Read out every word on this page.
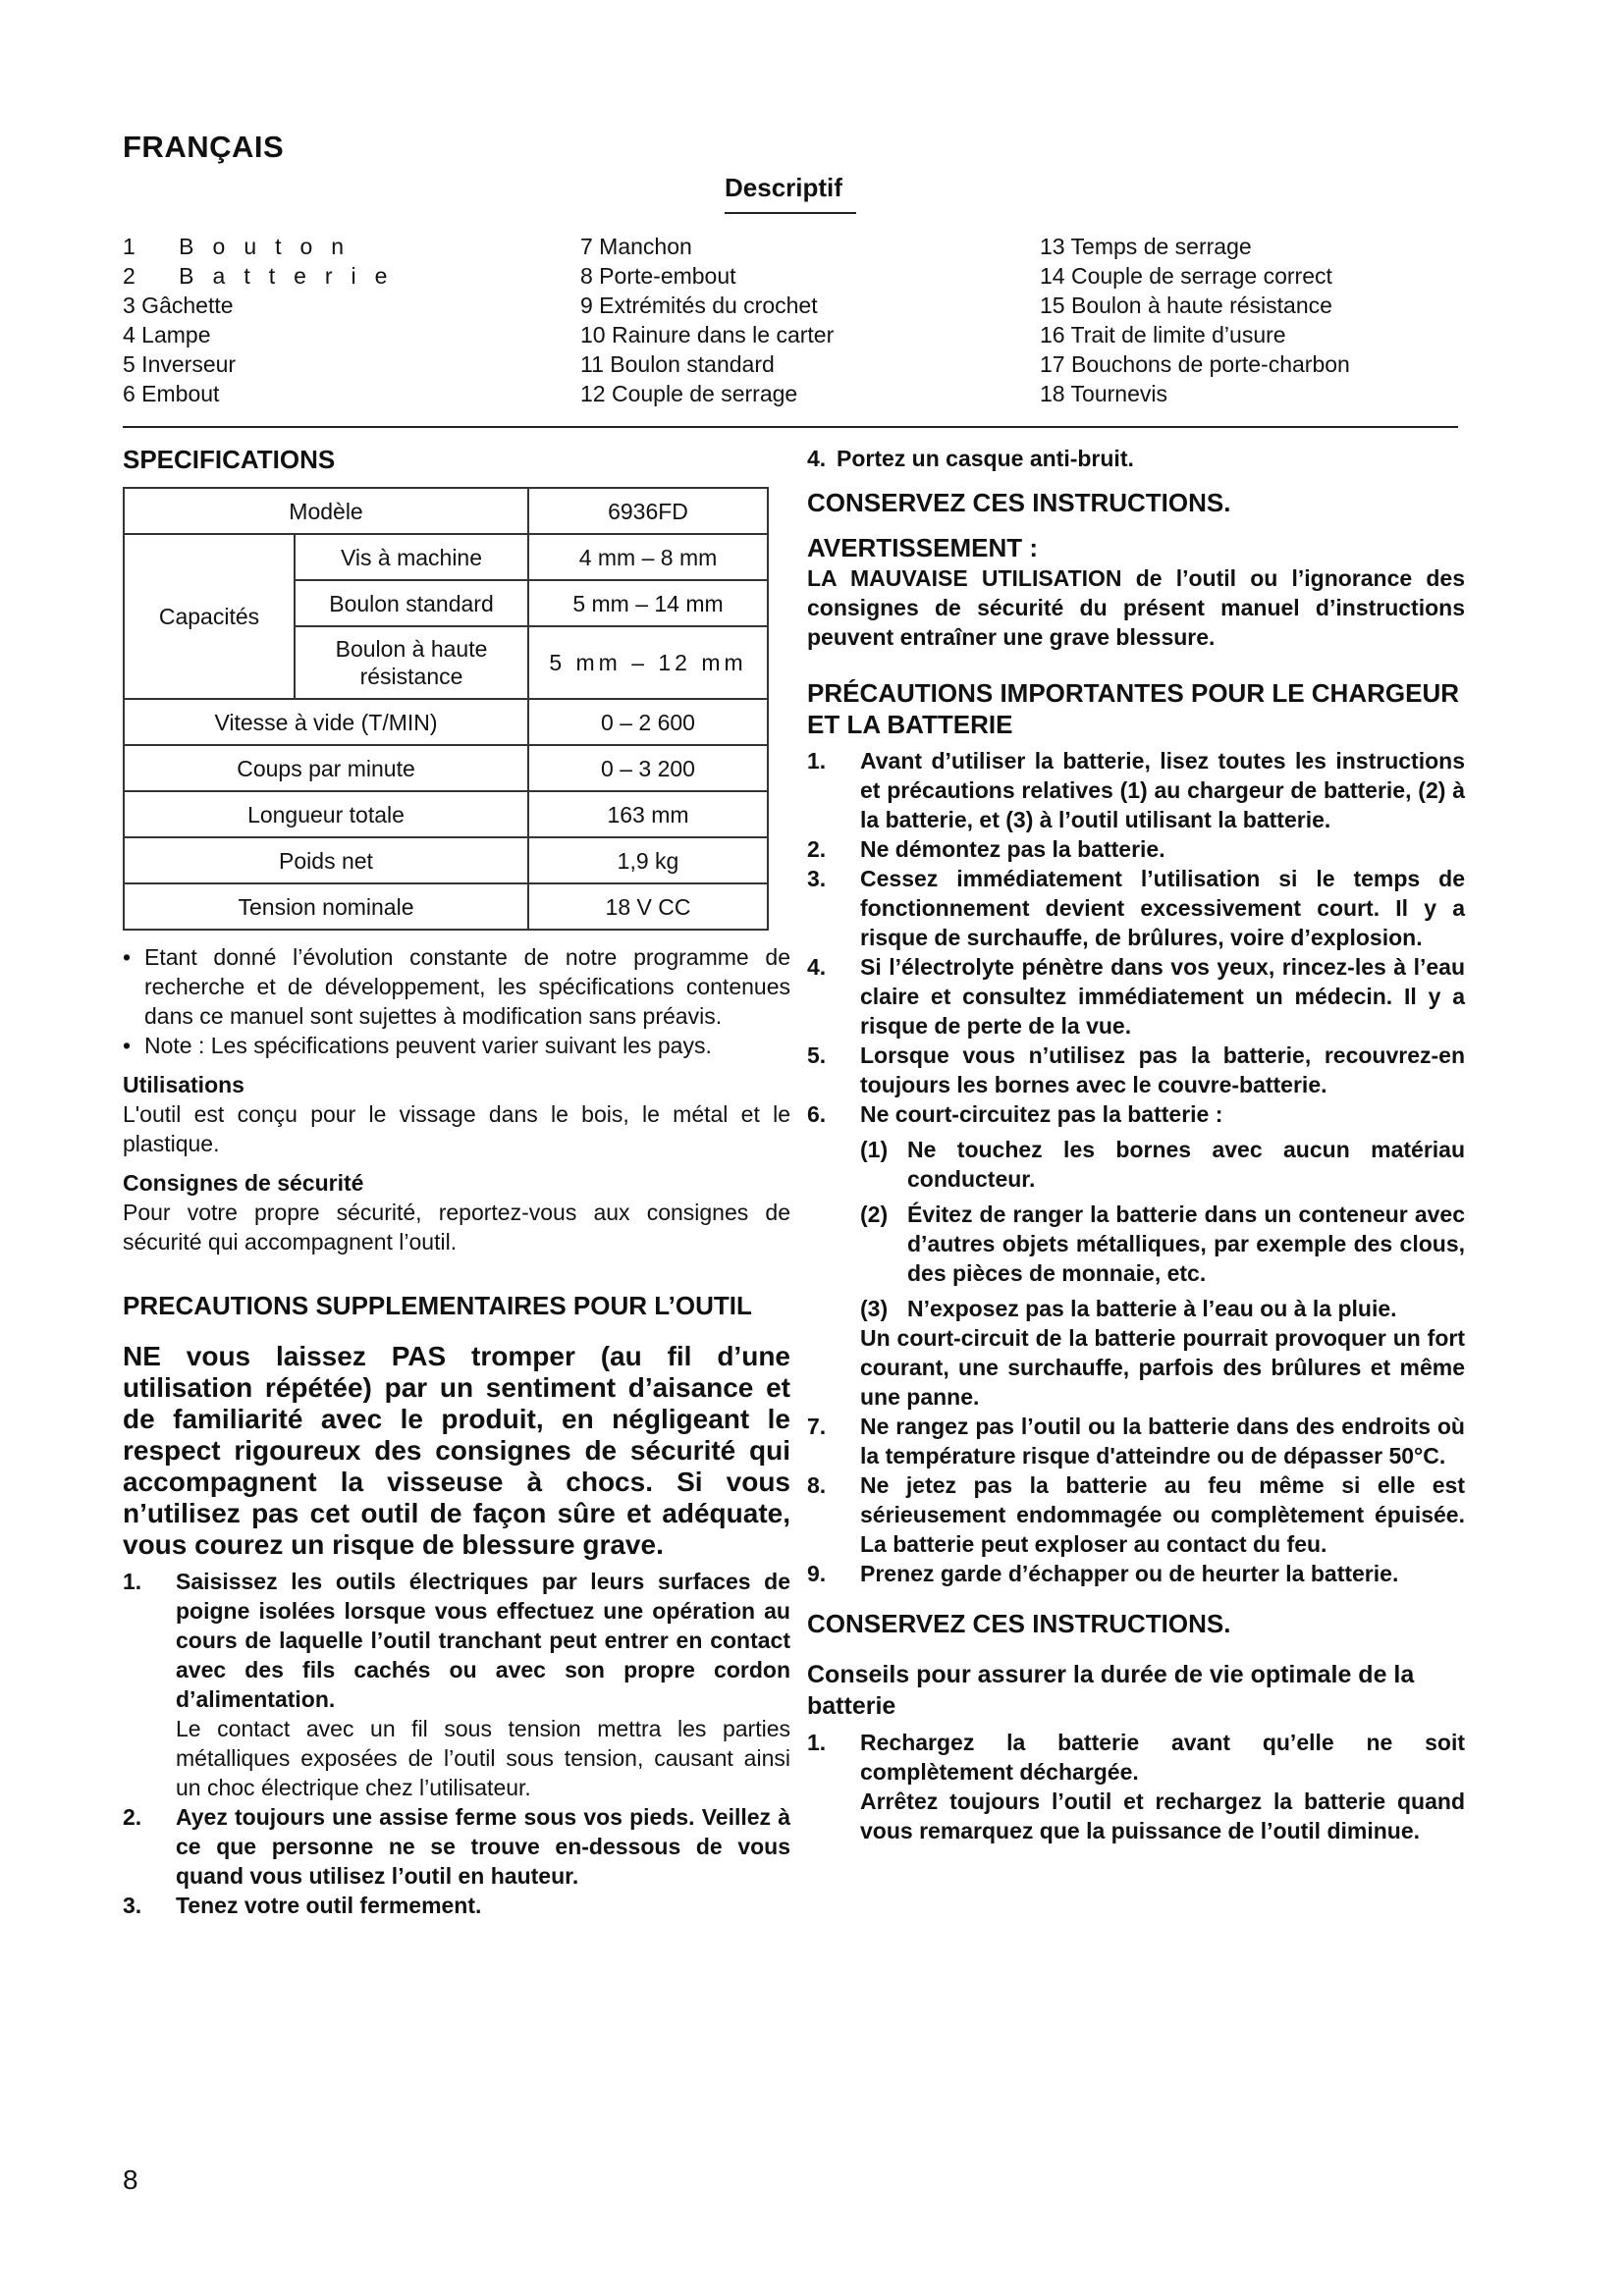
FRANÇAIS
Descriptif
1 Bouton
2 Batterie
3 Gâchette
4 Lampe
5 Inverseur
6 Embout
7 Manchon
8 Porte-embout
9 Extrémités du crochet
10 Rainure dans le carter
11 Boulon standard
12 Couple de serrage
13 Temps de serrage
14 Couple de serrage correct
15 Boulon à haute résistance
16 Trait de limite d’usure
17 Bouchons de porte-charbon
18 Tournevis
SPECIFICATIONS
Modèle		6936FD
Capacités	Vis à machine	4 mm – 8 mm
	Boulon standard	5 mm – 14 mm
	Boulon à haute résistance	5 mm – 12 mm
Vitesse à vide (T/MIN)		0 – 2 600
Coups par minute		0 – 3 200
Longueur totale		163 mm
Poids net		1,9 kg
Tension nominale		18 V CC
• Etant donné l’évolution constante de notre programme de recherche et de développement, les spécifications contenues dans ce manuel sont sujettes à modification sans préavis.
• Note : Les spécifications peuvent varier suivant les pays.
Utilisations
L'outil est conçu pour le vissage dans le bois, le métal et le plastique.
Consignes de sécurité
Pour votre propre sécurité, reportez-vous aux consignes de sécurité qui accompagnent l’outil.
PRECAUTIONS SUPPLEMENTAIRES POUR L’OUTIL
NE vous laissez PAS tromper (au fil d’une utilisation répétée) par un sentiment d’aisance et de familiarité avec le produit, en négligeant le respect rigoureux des consignes de sécurité qui accompagnent la visseuse à chocs. Si vous n’utilisez pas cet outil de façon sûre et adéquate, vous courez un risque de blessure grave.
1. Saisissez les outils électriques par leurs surfaces de poigne isolées lorsque vous effectuez une opération au cours de laquelle l’outil tranchant peut entrer en contact avec des fils cachés ou avec son propre cordon d’alimentation.
Le contact avec un fil sous tension mettra les parties métalliques exposées de l’outil sous tension, causant ainsi un choc électrique chez l’utilisateur.
2. Ayez toujours une assise ferme sous vos pieds. Veillez à ce que personne ne se trouve en-dessous de vous quand vous utilisez l’outil en hauteur.
3. Tenez votre outil fermement.
4. Portez un casque anti-bruit.
CONSERVEZ CES INSTRUCTIONS.
AVERTISSEMENT :
LA MAUVAISE UTILISATION de l’outil ou l’ignorance des consignes de sécurité du présent manuel d’instructions peuvent entraîner une grave blessure.
PRÉCAUTIONS IMPORTANTES POUR LE CHARGEUR ET LA BATTERIE
1. Avant d’utiliser la batterie, lisez toutes les instructions et précautions relatives (1) au chargeur de batterie, (2) à la batterie, et (3) à l’outil utilisant la batterie.
2. Ne démontez pas la batterie.
3. Cessez immédiatement l’utilisation si le temps de fonctionnement devient excessivement court. Il y a risque de surchauffe, de brûlures, voire d’explosion.
4. Si l’électrolyte pénètre dans vos yeux, rincez-les à l’eau claire et consultez immédiatement un médecin. Il y a risque de perte de la vue.
5. Lorsque vous n’utilisez pas la batterie, recouvrez-en toujours les bornes avec le couvre-batterie.
6. Ne court-circuitez pas la batterie :
(1) Ne touchez les bornes avec aucun matériau conducteur.
(2) Évitez de ranger la batterie dans un conteneur avec d’autres objets métalliques, par exemple des clous, des pièces de monnaie, etc.
(3) N’exposez pas la batterie à l’eau ou à la pluie.
Un court-circuit de la batterie pourrait provoquer un fort courant, une surchauffe, parfois des brûlures et même une panne.
7. Ne rangez pas l’outil ou la batterie dans des endroits où la température risque d'atteindre ou de dépasser 50°C.
8. Ne jetez pas la batterie au feu même si elle est sérieusement endommagée ou complètement épuisée. La batterie peut exploser au contact du feu.
9. Prenez garde d’échapper ou de heurter la batterie.
CONSERVEZ CES INSTRUCTIONS.
Conseils pour assurer la durée de vie optimale de la batterie
1. Rechargez la batterie avant qu’elle ne soit complètement déchargée.
Arrêtez toujours l’outil et rechargez la batterie quand vous remarquez que la puissance de l’outil diminue.
8
